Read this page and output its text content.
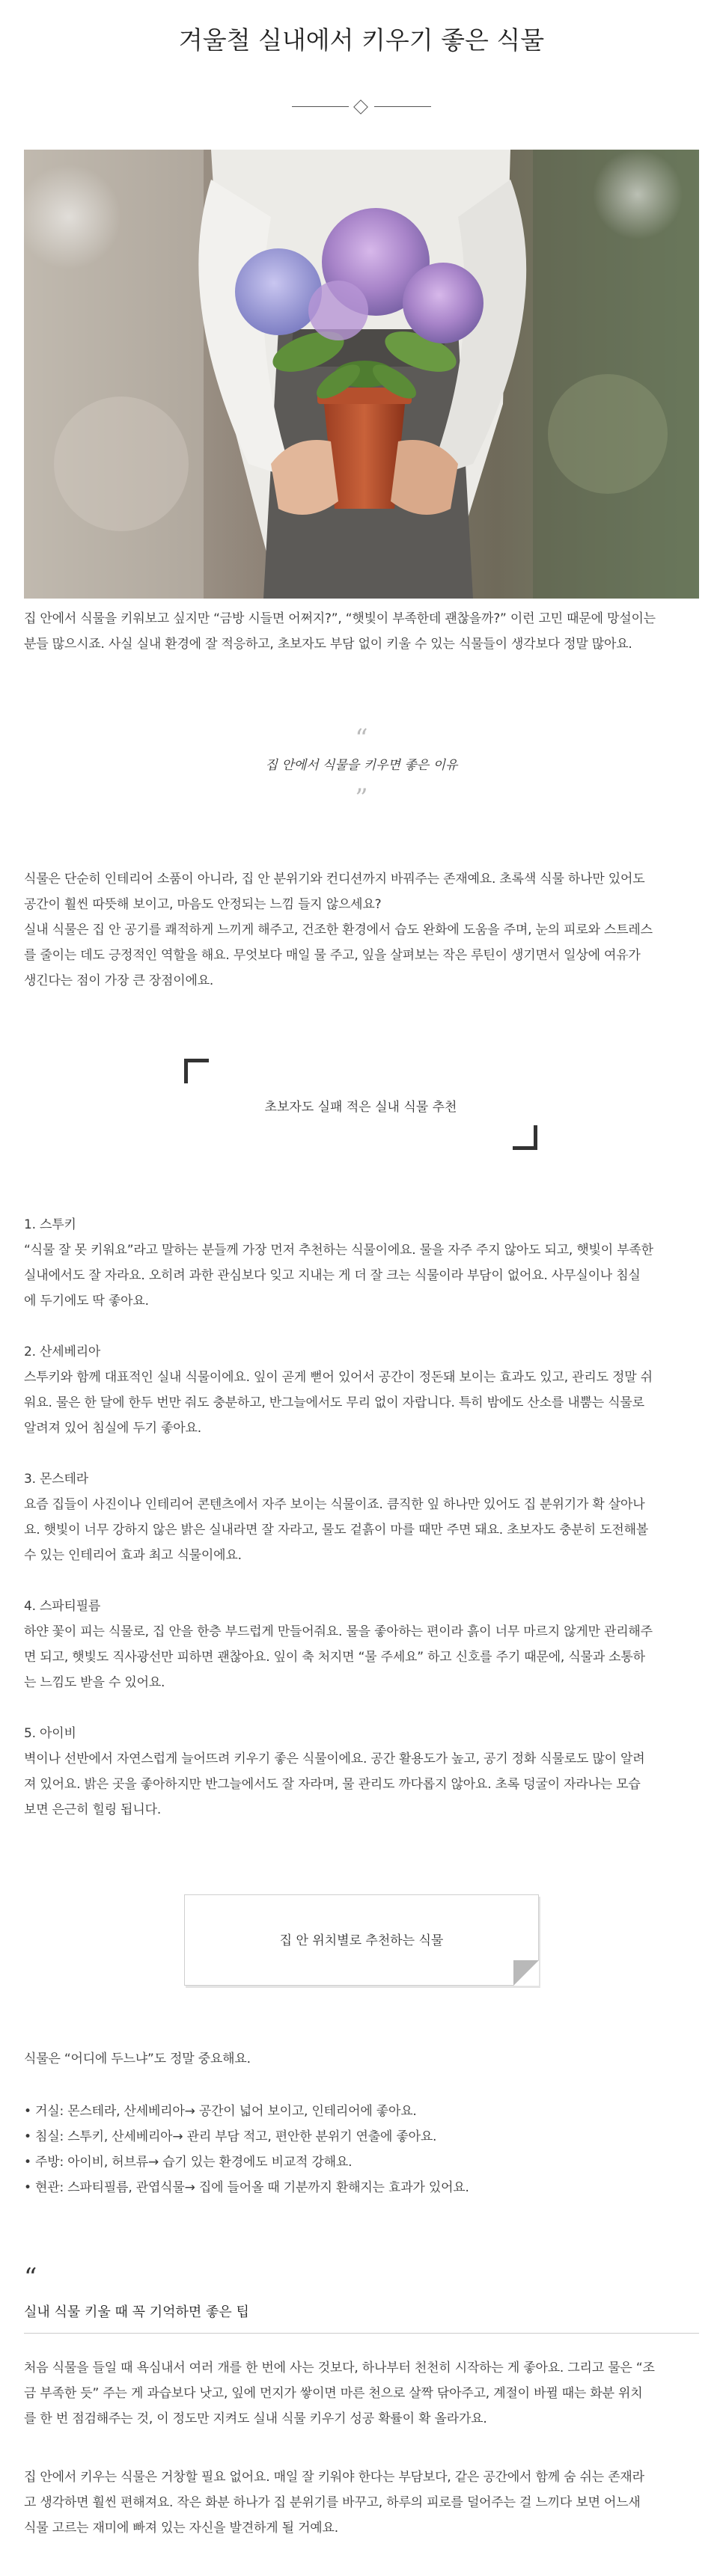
겨울철 실내에서 키우기 좋은 식물

집 안에서 식물을 키워보고 싶지만 “금방 시들면 어쩌지?”, “햇빛이 부족한데 괜찮을까?” 이런 고민 때문에 망설이는

분들 많으시죠. 사실 실내 환경에 잘 적응하고, 초보자도 부담 없이 키울 수 있는 식물들이 생각보다 정말 많아요.

“
집 안에서 식물을 키우면 좋은 이유
”

식물은 단순히 인테리어 소품이 아니라, 집 안 분위기와 컨디션까지 바꿔주는 존재예요. 초록색 식물 하나만 있어도

공간이 훨씬 따뜻해 보이고, 마음도 안정되는 느낌 들지 않으세요?

실내 식물은 집 안 공기를 쾌적하게 느끼게 해주고, 건조한 환경에서 습도 완화에 도움을 주며, 눈의 피로와 스트레스

를 줄이는 데도 긍정적인 역할을 해요. 무엇보다 매일 물 주고, 잎을 살펴보는 작은 루틴이 생기면서 일상에 여유가

생긴다는 점이 가장 큰 장점이에요.

초보자도 실패 적은 실내 식물 추천

1. 스투키

“식물 잘 못 키워요”라고 말하는 분들께 가장 먼저 추천하는 식물이에요. 물을 자주 주지 않아도 되고, 햇빛이 부족한

실내에서도 잘 자라요. 오히려 과한 관심보다 잊고 지내는 게 더 잘 크는 식물이라 부담이 없어요. 사무실이나 침실

에 두기에도 딱 좋아요.

2. 산세베리아

스투키와 함께 대표적인 실내 식물이에요. 잎이 곧게 뻗어 있어서 공간이 정돈돼 보이는 효과도 있고, 관리도 정말 쉬

워요. 물은 한 달에 한두 번만 줘도 충분하고, 반그늘에서도 무리 없이 자랍니다. 특히 밤에도 산소를 내뿜는 식물로

알려져 있어 침실에 두기 좋아요.

3. 몬스테라

요즘 집들이 사진이나 인테리어 콘텐츠에서 자주 보이는 식물이죠. 큼직한 잎 하나만 있어도 집 분위기가 확 살아나

요. 햇빛이 너무 강하지 않은 밝은 실내라면 잘 자라고, 물도 겉흙이 마를 때만 주면 돼요. 초보자도 충분히 도전해볼

수 있는 인테리어 효과 최고 식물이에요.

4. 스파티필름

하얀 꽃이 피는 식물로, 집 안을 한층 부드럽게 만들어줘요. 물을 좋아하는 편이라 흙이 너무 마르지 않게만 관리해주

면 되고, 햇빛도 직사광선만 피하면 괜찮아요. 잎이 축 처지면 “물 주세요” 하고 신호를 주기 때문에, 식물과 소통하

는 느낌도 받을 수 있어요.

5. 아이비

벽이나 선반에서 자연스럽게 늘어뜨려 키우기 좋은 식물이에요. 공간 활용도가 높고, 공기 정화 식물로도 많이 알려

져 있어요. 밝은 곳을 좋아하지만 반그늘에서도 잘 자라며, 물 관리도 까다롭지 않아요. 초록 덩굴이 자라나는 모습

보면 은근히 힐링 됩니다.

집 안 위치별로 추천하는 식물

식물은 “어디에 두느냐”도 정말 중요해요.

• 거실: 몬스테라, 산세베리아→ 공간이 넓어 보이고, 인테리어에 좋아요.

• 침실: 스투키, 산세베리아→ 관리 부담 적고, 편안한 분위기 연출에 좋아요.

• 주방: 아이비, 허브류→ 습기 있는 환경에도 비교적 강해요.

• 현관: 스파티필름, 관엽식물→ 집에 들어올 때 기분까지 환해지는 효과가 있어요.

“
실내 식물 키울 때 꼭 기억하면 좋은 팁

처음 식물을 들일 때 욕심내서 여러 개를 한 번에 사는 것보다, 하나부터 천천히 시작하는 게 좋아요. 그리고 물은 “조

금 부족한 듯” 주는 게 과습보다 낫고, 잎에 먼지가 쌓이면 마른 천으로 살짝 닦아주고, 계절이 바뀔 때는 화분 위치

를 한 번 점검해주는 것, 이 정도만 지켜도 실내 식물 키우기 성공 확률이 확 올라가요.

집 안에서 키우는 식물은 거창할 필요 없어요. 매일 잘 키워야 한다는 부담보다, 같은 공간에서 함께 숨 쉬는 존재라

고 생각하면 훨씬 편해져요. 작은 화분 하나가 집 분위기를 바꾸고, 하루의 피로를 덜어주는 걸 느끼다 보면 어느새

식물 고르는 재미에 빠져 있는 자신을 발견하게 될 거예요.
